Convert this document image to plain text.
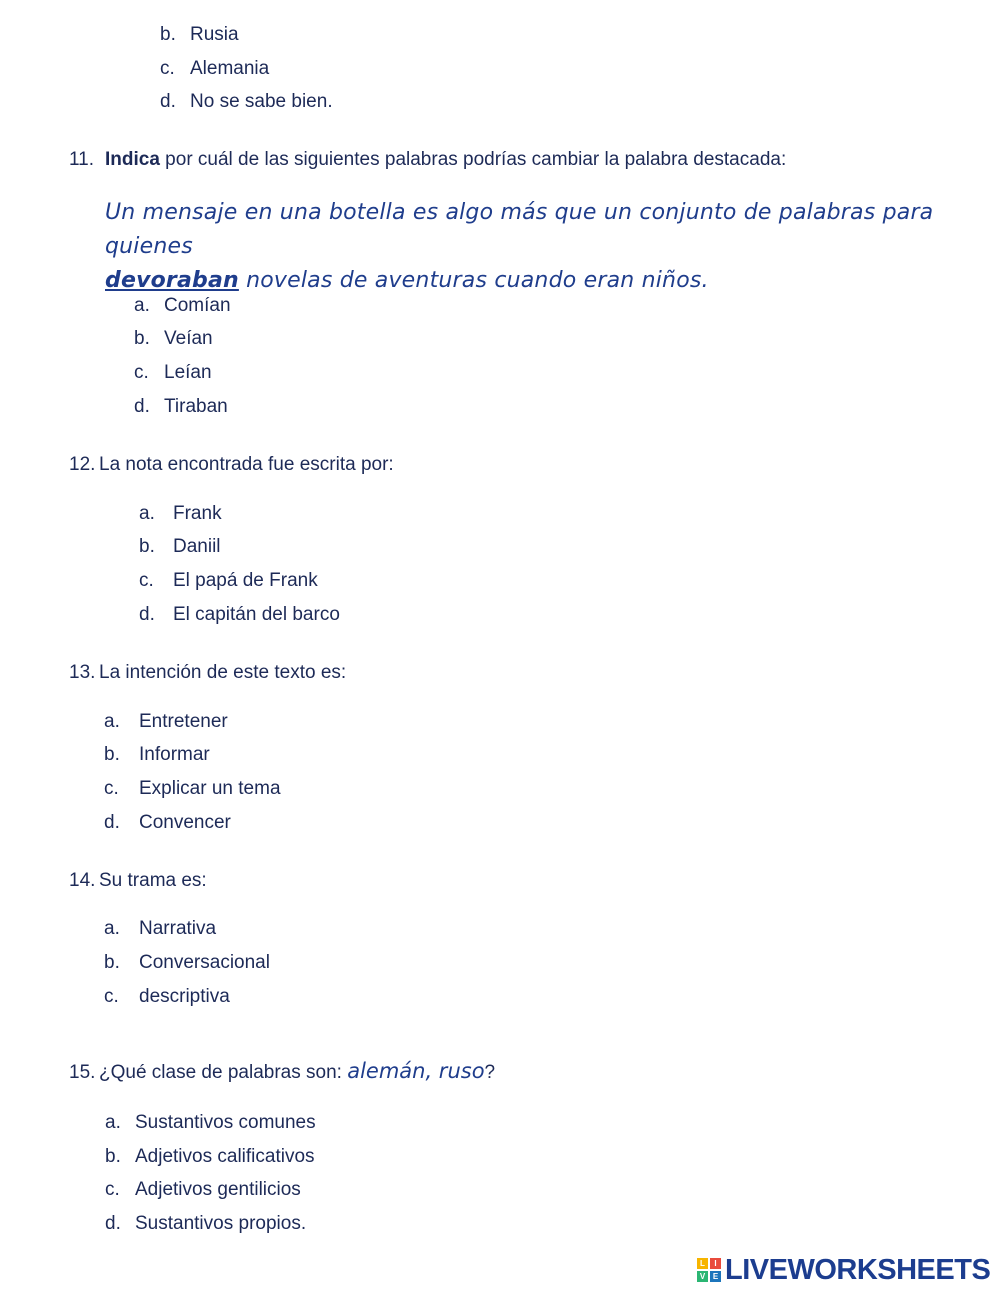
b. Rusia
c. Alemania
d. No se sabe bien.
11. Indica por cuál de las siguientes palabras podrías cambiar la palabra destacada:
Un mensaje en una botella es algo más que un conjunto de palabras para quienes
devoraban novelas de aventuras cuando eran niños.
a. Comían
b. Veían
c. Leían
d. Tiraban
12. La nota encontrada fue escrita por:
a. Frank
b. Daniil
c. El papá de Frank
d. El capitán del barco
13. La intención de este texto es:
a. Entretener
b. Informar
c. Explicar un tema
d. Convencer
14. Su trama es:
a. Narrativa
b. Conversacional
c. descriptiva
15. ¿Qué clase de palabras son: alemán, ruso?
a. Sustantivos comunes
b. Adjetivos calificativos
c. Adjetivos gentilicios
d. Sustantivos propios.
L	I
V E LIVEWORKSHEETS
